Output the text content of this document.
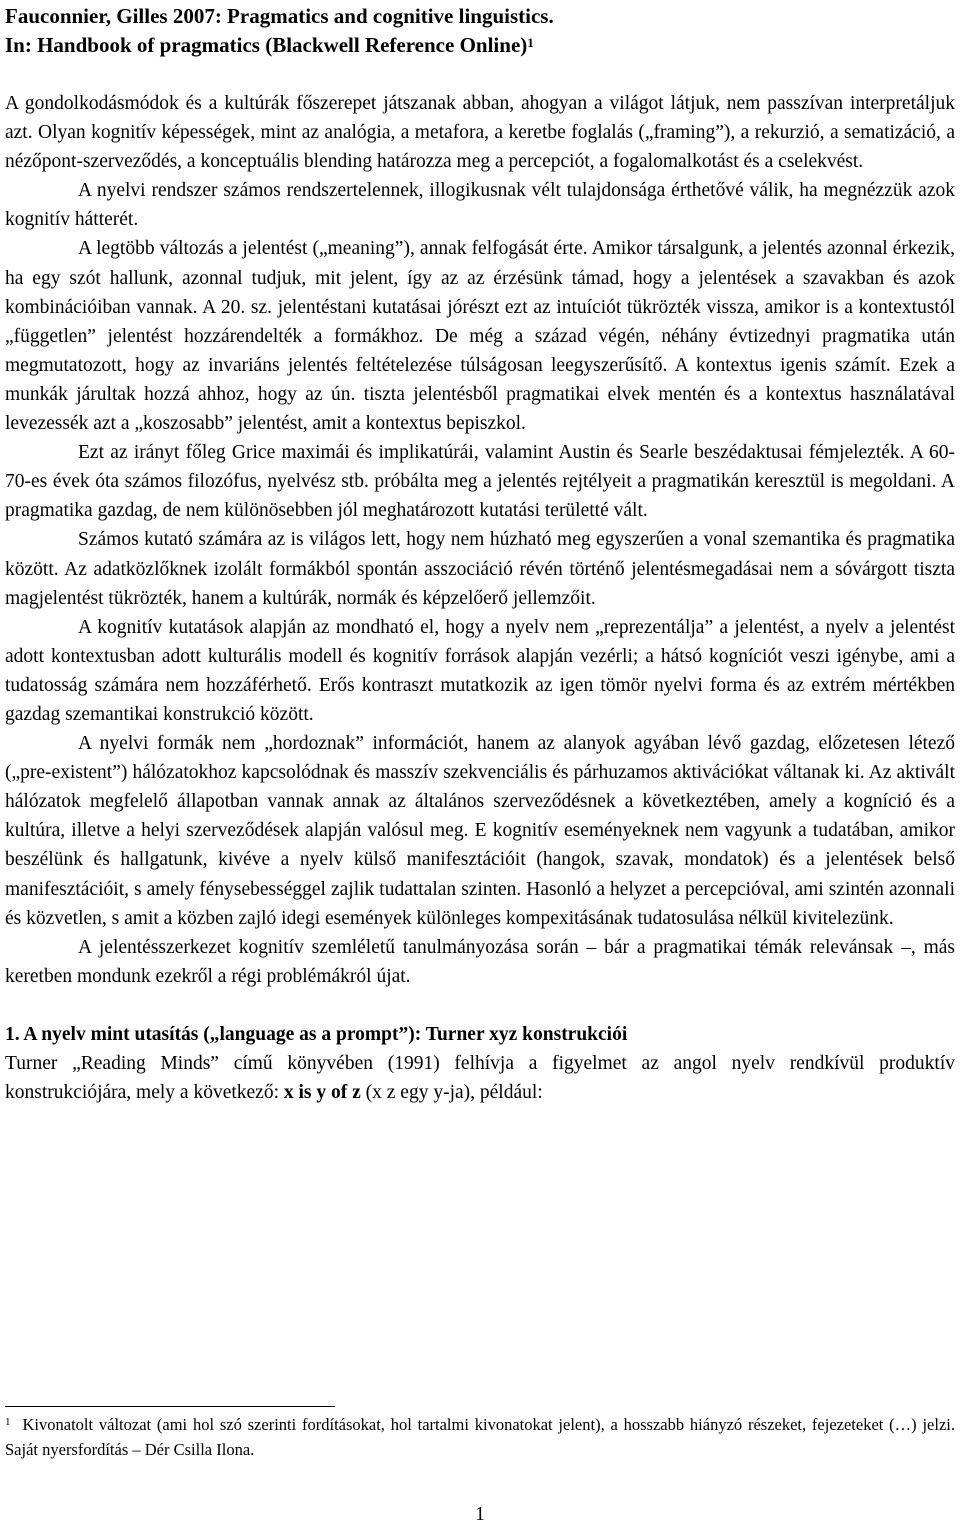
Fauconnier, Gilles 2007: Pragmatics and cognitive linguistics.
In: Handbook of pragmatics (Blackwell Reference Online)$^1$

A gondolkodásmódok és a kultúrák főszerepet játszanak abban, ahogyan a világot látjuk, nem passzívan interpretáljuk azt. Olyan kognitív képességek, mint az analógia, a metafora, a keretbe foglalás („framing”), a rekurzió, a sematizáció, a nézőpont-szerveződés, a konceptuális blending határozza meg a percepciót, a fogalomalkotást és a cselekvést.

A nyelvi rendszer számos rendszertelennek, illogikusnak vélt tulajdonsága érthetővé válik, ha megnézzük azok kognitív hátterét.

A legtöbb változás a jelentést („meaning”), annak felfogását érte. Amikor társalgunk, a jelentés azonnal érkezik, ha egy szót hallunk, azonnal tudjuk, mit jelent, így az az érzésünk támad, hogy a jelentések a szavakban és azok kombinációiban vannak. A 20. sz. jelentéstani kutatásai jórészt ezt az intuíciót tükrözték vissza, amikor is a kontextustól „független” jelentést hozzárendelték a formákhoz. De még a század végén, néhány évtizednyi pragmatika után megmutatozott, hogy az invariáns jelentés feltételezése túlságosan leegyszerűsítő. A kontextus igenis számít. Ezek a munkák járultak hozzá ahhoz, hogy az ún. tiszta jelentésből pragmatikai elvek mentén és a kontextus használatával levezessék azt a „koszosabb” jelentést, amit a kontextus bepiszkol.

Ezt az irányt főleg Grice maximái és implikatúrái, valamint Austin és Searle beszédaktusai fémjelezték. A 60-70-es évek óta számos filozófus, nyelvész stb. próbálta meg a jelentés rejtélyeit a pragmatikán keresztül is megoldani. A pragmatika gazdag, de nem különösebben jól meghatározott kutatási területté vált.

Számos kutató számára az is világos lett, hogy nem húzható meg egyszerűen a vonal szemantika és pragmatika között. Az adatközlőknek izolált formákból spontán asszociáció révén történő jelentésmegadásai nem a sóvárgott tiszta magjelentést tükrözték, hanem a kultúrák, normák és képzelőerő jellemzőit.

A kognitív kutatások alapján az mondható el, hogy a nyelv nem „reprezentálja” a jelentést, a nyelv a jelentést adott kontextusban adott kulturális modell és kognitív források alapján vezérli; a hátsó kogníciót veszi igénybe, ami a tudatosság számára nem hozzáférhető. Erős kontraszt mutatkozik az igen tömör nyelvi forma és az extrém mértékben gazdag szemantikai konstrukció között.

A nyelvi formák nem „hordoznak” információt, hanem az alanyok agyában lévő gazdag, előzetesen létező („pre-existent”) hálózatokhoz kapcsolódnak és masszív szekvenciális és párhuzamos aktivációkat váltanak ki. Az aktivált hálózatok megfelelő állapotban vannak annak az általános szerveződésnek a következtében, amely a kogníció és a kultúra, illetve a helyi szerveződések alapján valósul meg. E kognitív eseményeknek nem vagyunk a tudatában, amikor beszélünk és hallgatunk, kivéve a nyelv külső manifesztációit (hangok, szavak, mondatok) és a jelentések belső manifesztációit, s amely fénysebességgel zajlik tudattalan szinten. Hasonló a helyzet a percepcióval, ami szintén azonnali és közvetlen, s amit a közben zajló idegi események különleges kompexitásának tudatosulása nélkül kivitelezünk.

A jelentésszerkezet kognitív szemléletű tanulmányozása során – bár a pragmatikai témák relevánsak –, más keretben mondunk ezekről a régi problémákról újat.

1. A nyelv mint utasítás („language as a prompt”): Turner xyz konstrukciói

Turner „Reading Minds” című könyvében (1991) felhívja a figyelmet az angol nyelv rendkívül produktív konstrukciójára, mely a következő: x is y of z (x z egy y-ja), például:

$^1$ Kivonatolt változat (ami hol szó szerinti fordításokat, hol tartalmi kivonatokat jelent), a hosszabb hiányzó részeket, fejezeteket (…) jelzi. Saját nyersfordítás – Dér Csilla Ilona.
1
